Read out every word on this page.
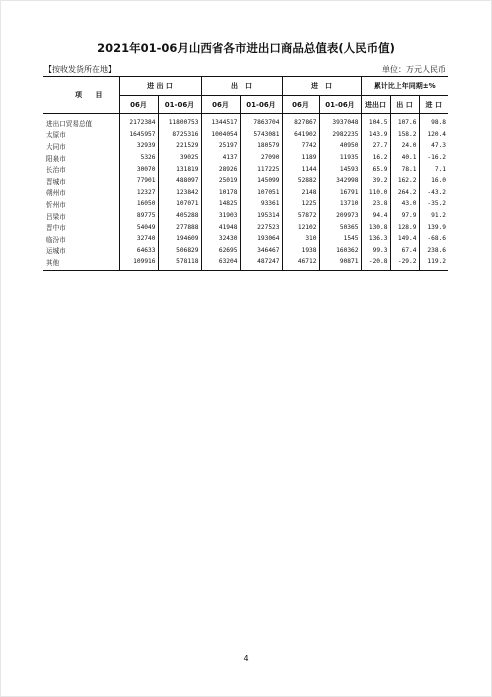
2021年01-06月山西省各市进出口商品总值表(人民币值)
【按收发货所在地】	单位：万元人民币
项 目	进 出 口		出　口		进　口		累计比上年同期±%		
	06月	01-06月	06月	01-06月	06月	01-06月	进出口	出 口	进 口
进出口贸易总值	2172384	11800753	1344517	7863704	827867	3937048	104.5	107.6	98.8
太原市	1645957	8725316	1004054	5743081	641902	2982235	143.9	158.2	120.4
大同市	32939	221529	25197	180579	7742	40950	27.7	24.0	47.3
阳泉市	5326	39025	4137	27090	1189	11935	16.2	40.1	-16.2
长治市	30070	131819	28926	117225	1144	14593	65.9	78.1	7.1
晋城市	77901	488097	25019	145099	52882	342998	39.2	162.2	16.0
朔州市	12327	123842	10178	107051	2148	16791	110.0	264.2	-43.2
忻州市	16050	107071	14825	93361	1225	13710	23.8	43.0	-35.2
吕梁市	89775	405288	31903	195314	57872	209973	94.4	97.9	91.2
晋中市	54049	277888	41948	227523	12102	50365	130.8	128.9	139.9
临汾市	32740	194609	32430	193064	310	1545	136.3	149.4	-68.6
运城市	64633	506829	62695	346467	1938	160362	99.3	67.4	238.6
其他	109916	578118	63204	487247	46712	90871	-20.8	-29.2	119.2
4
